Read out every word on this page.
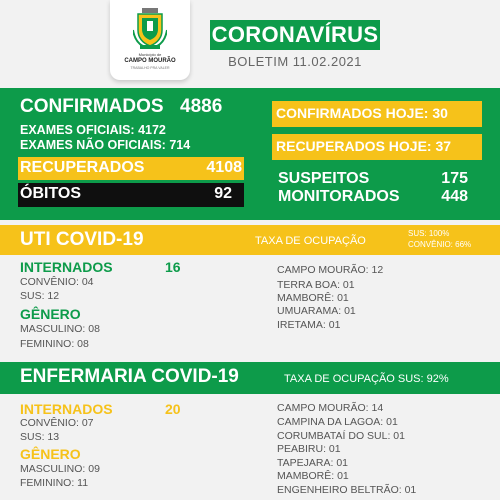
Município de
CAMPO MOURÃO
TRABALHO PRA VALER
CORONAVÍRUS
BOLETIM 11.02.2021
CONFIRMADOS 4886
EXAMES OFICIAIS: 4172
EXAMES NÃO OFICIAIS: 714
RECUPERADOS	4108
ÓBITOS	92
CONFIRMADOS HOJE: 30
RECUPERADOS HOJE: 37
SUSPEITOS	175
MONITORADOS	448
UTI COVID-19	TAXA DE OCUPAÇÃO
SUS: 100%
CONVÊNIO: 66%
INTERNADOS	16
CONVÊNIO: 04
SUS: 12
GÊNERO
MASCULINO: 08
FEMININO: 08
CAMPO MOURÃO: 12
TERRA BOA: 01
MAMBORÊ: 01
UMUARAMA: 01
IRETAMA: 01
ENFERMARIA COVID-19	TAXA DE OCUPAÇÃO SUS: 92%
INTERNADOS	20
CONVÊNIO: 07
SUS: 13
GÊNERO
MASCULINO: 09
FEMININO: 11
CAMPO MOURÃO: 14
CAMPINA DA LAGOA: 01
CORUMBATAÍ DO SUL: 01
PEABIRU: 01
TAPEJARA: 01
MAMBORÊ: 01
ENGENHEIRO BELTRÃO: 01
